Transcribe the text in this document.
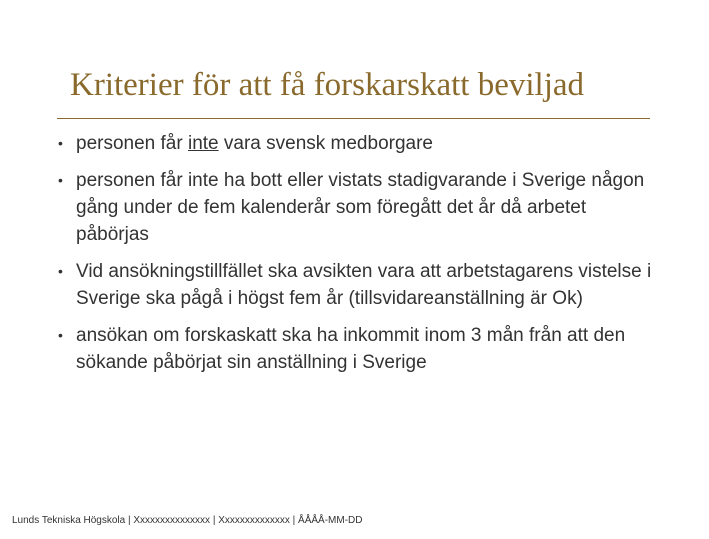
Kriterier för att få forskarskatt beviljad
• personen får inte vara svensk medborgare
• personen får inte ha bott eller vistats stadigvarande i Sverige någon gång under de fem kalenderår som föregått det år då arbetet påbörjas
• Vid ansökningstillfället ska avsikten vara att arbetstagarens vistelse i Sverige ska pågå i högst fem år (tillsvidareanställning är Ok)
• ansökan om forskaskatt ska ha inkommit inom 3 mån från att den sökande påbörjat sin anställning i Sverige
Lunds Tekniska Högskola | Xxxxxxxxxxxxxxx | Xxxxxxxxxxxxxx | ÅÅÅÅ-MM-DD
